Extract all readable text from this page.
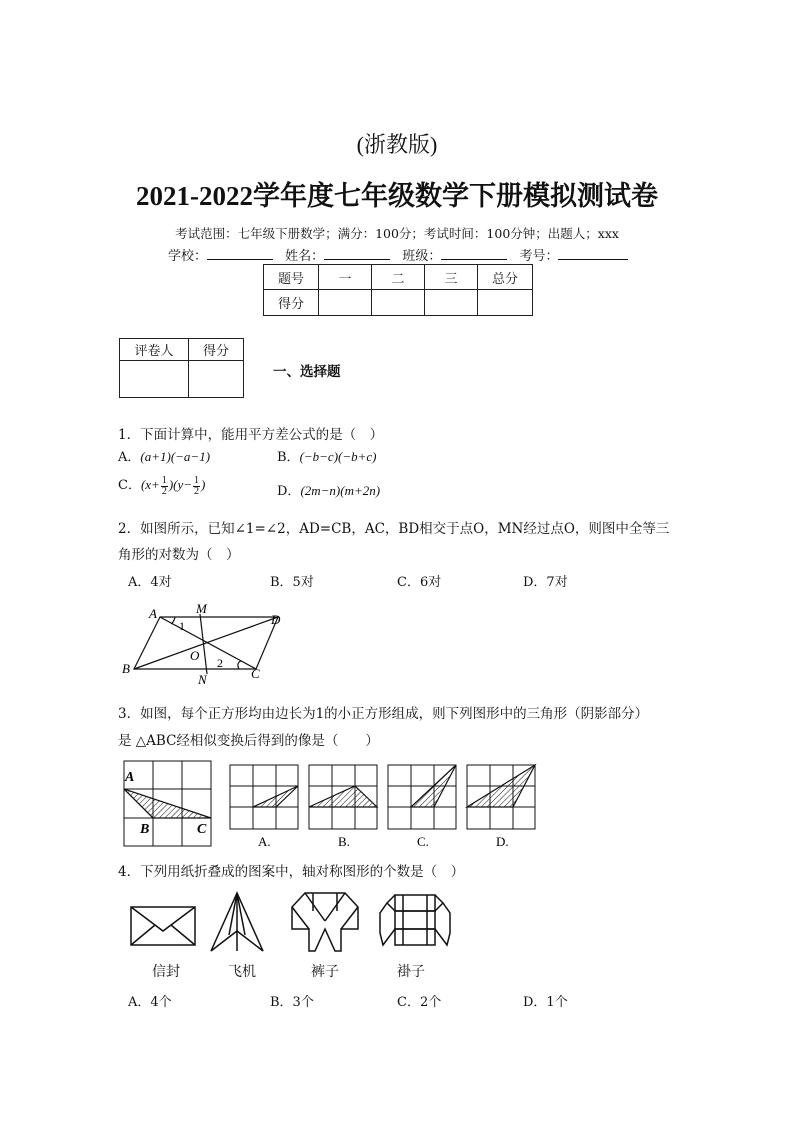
(浙教版)
2021-2022学年度七年级数学下册模拟测试卷
考试范围：七年级下册数学；满分：100分；考试时间：100分钟；出题人；xxx
学校：	姓名：	班级：	考号：
题号	一	二	三	总分
得分				
评卷人	得分

一、选择题
1．下面计算中，能用平方差公式的是（　）
A．(a+1)(−a−1)	B．(−b−c)(−b+c)
C．$(x+ \frac{1}{2} )(y- \frac{1}{2}$ )	D．(2m−n)(m+2n)
2．如图所示，已知∠1=∠2，AD=CB，AC，BD相交于点O，MN经过点O，则图中全等三
角形的对数为（　）
A．4对	B．5对	C．6对	D．7对
A	M
D
B
O
C
N
1
2
3．如图，每个正方形均由边长为1的小正方形组成，则下列图形中的三角形（阴影部分）
是 △ABC经相似变换后得到的像是（　　）
A
B	C
A.	B.	C.	D.
4．下列用纸折叠成的图案中，轴对称图形的个数是（　）
信封	飞机	裤子	褂子
A．4个	B．3个	C．2个	D．1个
